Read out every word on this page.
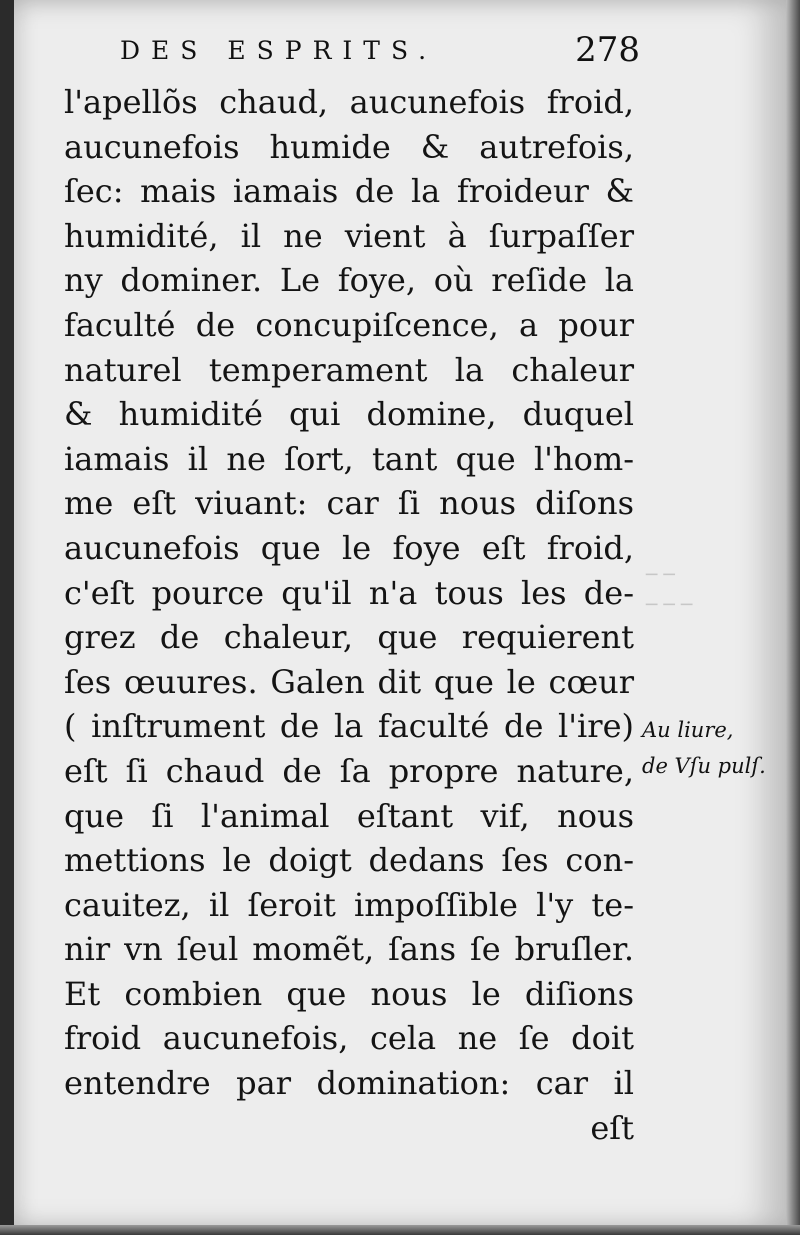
DES ESPRITS.	278
l'apellõs chaud, aucunefois froid,
aucunefois humide & autrefois,
ſec: mais iamais de la froideur &
humidité, il ne vient à ſurpaſſer
ny dominer. Le foye, où reſide la
faculté de concupiſcence, a pour
naturel temperament la chaleur
& humidité qui domine, duquel
iamais il ne ſort, tant que l'hom-
me eſt viuant: car ſi nous diſons
aucunefois que le foye eſt froid,
c'eſt pource qu'il n'a tous les de-
grez de chaleur, que requierent
ſes œuures. Galen dit que le cœur
( inſtrument de la faculté de l'ire)
eſt ſi chaud de ſa propre nature,
que ſi l'animal eſtant vif, nous
mettions le doigt dedans ſes con-
cauitez, il ſeroit impoſſible l'y te-
nir vn ſeul momẽt, ſans ſe bruſler.
Et combien que nous le diſions
froid aucunefois, cela ne ſe doit
entendre par domination: car il
eſt
Au liure,
de Vſu pulſ.
─ ─
─ ─ ─
